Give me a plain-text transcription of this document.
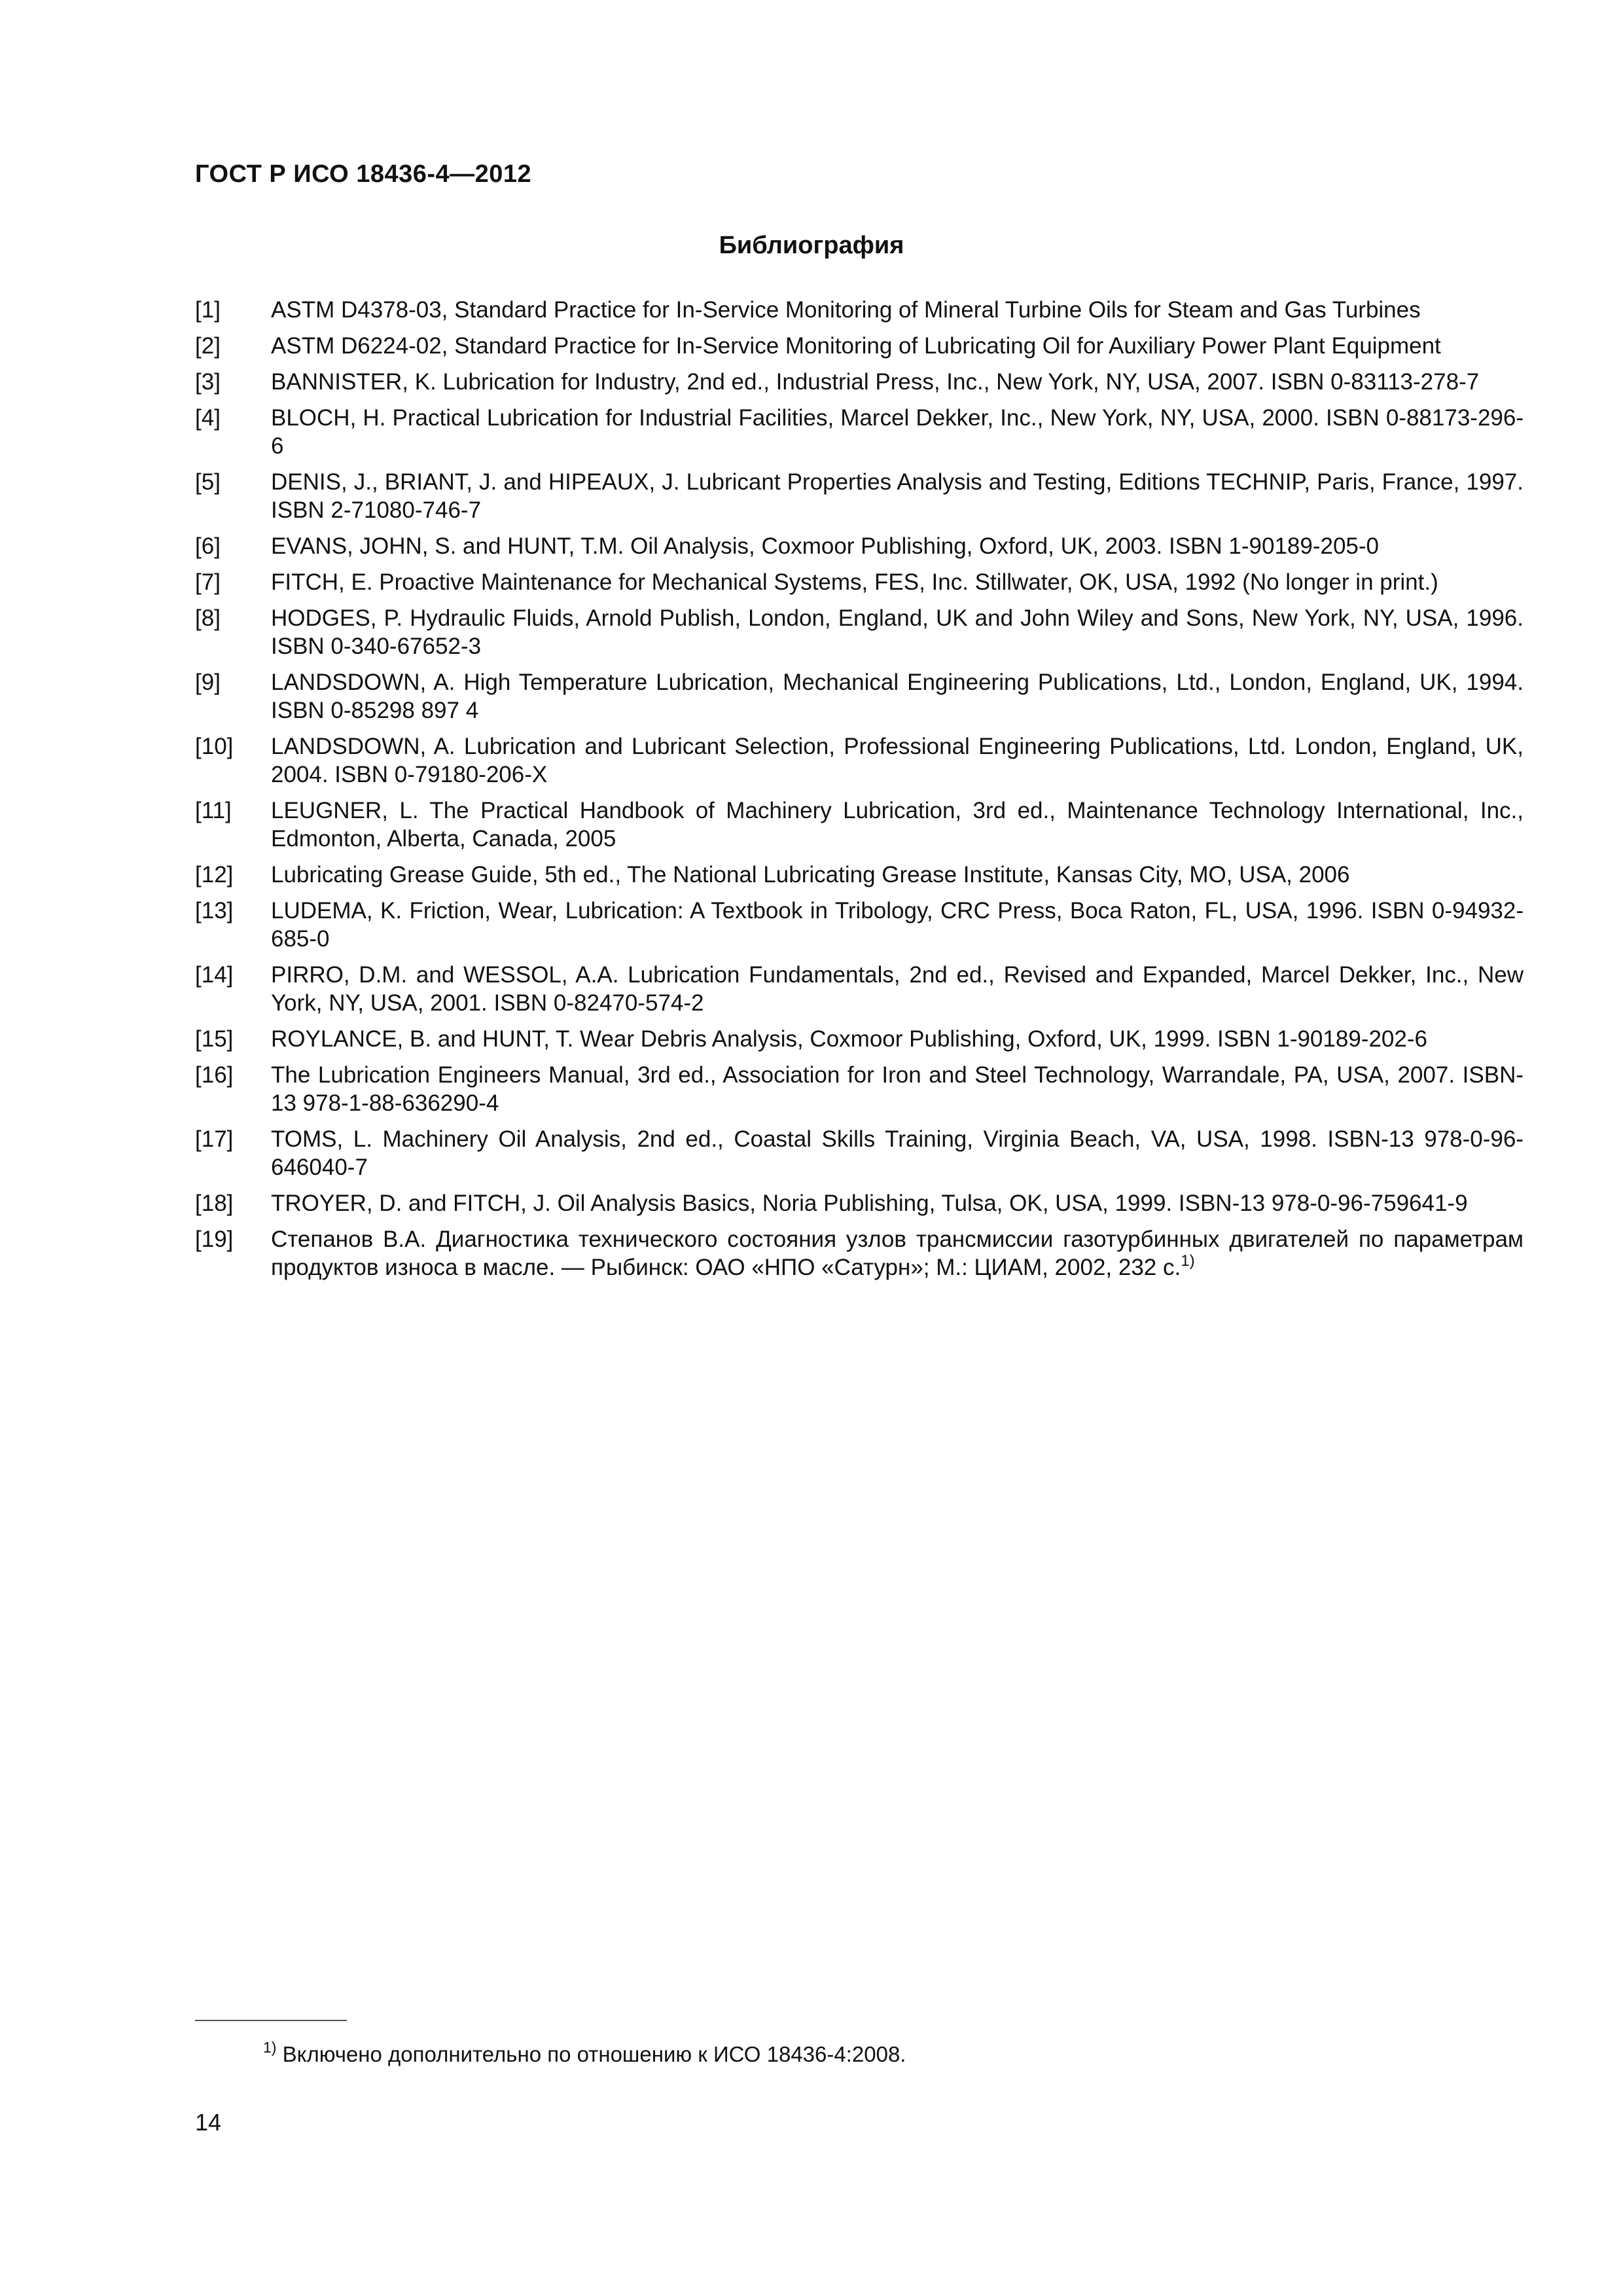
ГОСТ Р ИСО 18436-4—2012
Библиография
[1] ASTM D4378-03, Standard Practice for In-Service Monitoring of Mineral Turbine Oils for Steam and Gas Turbines
[2] ASTM D6224-02, Standard Practice for In-Service Monitoring of Lubricating Oil for Auxiliary Power Plant Equipment
[3] BANNISTER, K. Lubrication for Industry, 2nd ed., Industrial Press, Inc., New York, NY, USA, 2007. ISBN 0-83113-278-7
[4] BLOCH, H. Practical Lubrication for Industrial Facilities, Marcel Dekker, Inc., New York, NY, USA, 2000. ISBN 0-88173-296-6
[5] DENIS, J., BRIANT, J. and HIPEAUX, J. Lubricant Properties Analysis and Testing, Editions TECHNIP, Paris, France, 1997. ISBN 2-71080-746-7
[6] EVANS, JOHN, S. and HUNT, T.M. Oil Analysis, Coxmoor Publishing, Oxford, UK, 2003. ISBN 1-90189-205-0
[7] FITCH, E. Proactive Maintenance for Mechanical Systems, FES, Inc. Stillwater, OK, USA, 1992 (No longer in print.)
[8] HODGES, P. Hydraulic Fluids, Arnold Publish, London, England, UK and John Wiley and Sons, New York, NY, USA, 1996. ISBN 0-340-67652-3
[9] LANDSDOWN, A. High Temperature Lubrication, Mechanical Engineering Publications, Ltd., London, England, UK, 1994. ISBN 0-85298 897 4
[10] LANDSDOWN, A. Lubrication and Lubricant Selection, Professional Engineering Publications, Ltd. London, England, UK, 2004. ISBN 0-79180-206-X
[11] LEUGNER, L. The Practical Handbook of Machinery Lubrication, 3rd ed., Maintenance Technology International, Inc., Edmonton, Alberta, Canada, 2005
[12] Lubricating Grease Guide, 5th ed., The National Lubricating Grease Institute, Kansas City, MO, USA, 2006
[13] LUDEMA, K. Friction, Wear, Lubrication: A Textbook in Tribology, CRC Press, Boca Raton, FL, USA, 1996. ISBN 0-94932-685-0
[14] PIRRO, D.M. and WESSOL, A.A. Lubrication Fundamentals, 2nd ed., Revised and Expanded, Marcel Dekker, Inc., New York, NY, USA, 2001. ISBN 0-82470-574-2
[15] ROYLANCE, B. and HUNT, T. Wear Debris Analysis, Coxmoor Publishing, Oxford, UK, 1999. ISBN 1-90189-202-6
[16] The Lubrication Engineers Manual, 3rd ed., Association for Iron and Steel Technology, Warrandale, PA, USA, 2007. ISBN-13 978-1-88-636290-4
[17] TOMS, L. Machinery Oil Analysis, 2nd ed., Coastal Skills Training, Virginia Beach, VA, USA, 1998. ISBN-13 978-0-96-646040-7
[18] TROYER, D. and FITCH, J. Oil Analysis Basics, Noria Publishing, Tulsa, OK, USA, 1999. ISBN-13 978-0-96-759641-9
[19] Степанов В.А. Диагностика технического состояния узлов трансмиссии газотурбинных двигателей по параметрам продуктов износа в масле. — Рыбинск: ОАО «НПО «Сатурн»; М.: ЦИАМ, 2002, 232 с.$^{1)}$
$^{1)}$ Включено дополнительно по отношению к ИСО 18436-4:2008.
14
